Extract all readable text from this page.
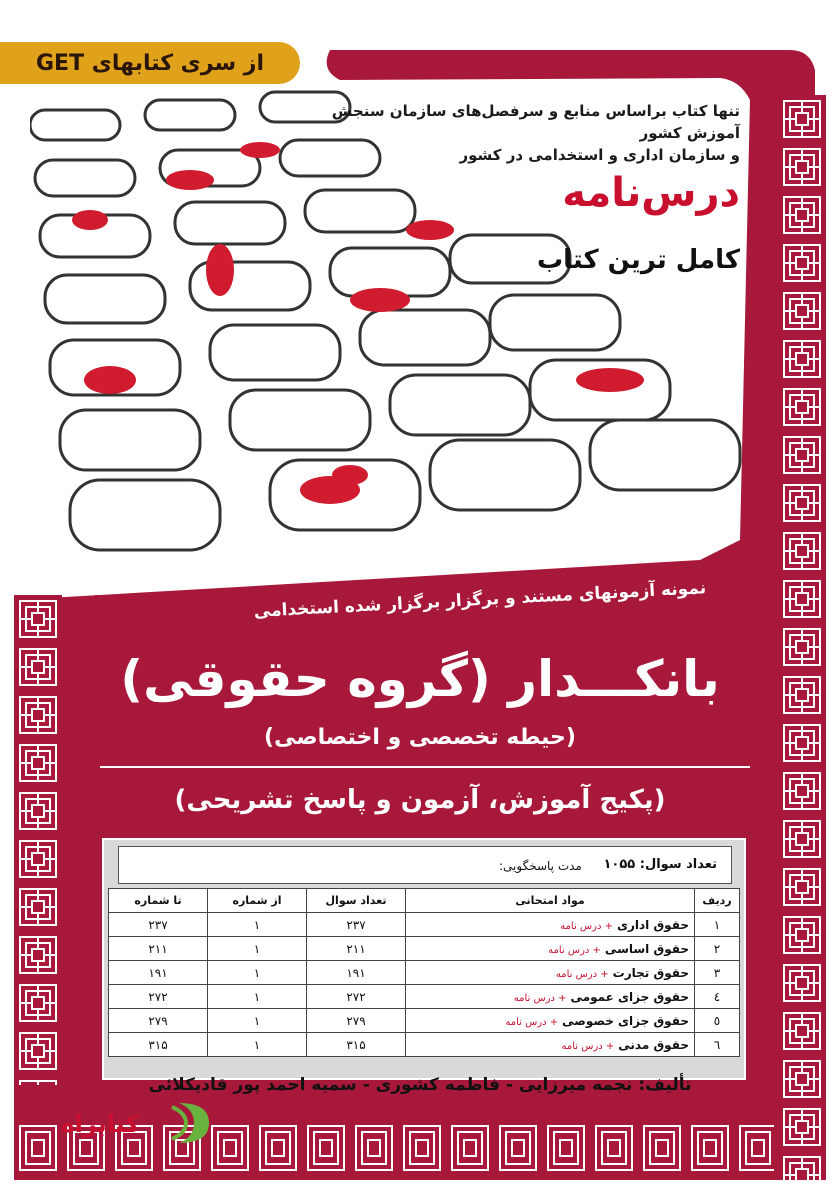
از سری کتابهای GET
تنها کتاب براساس منابع و سرفصل‌های سازمان سنجش آموزش کشور
و سازمان اداری و استخدامی در کشور
درس‌نامه
کامل ترین کتاب
نمونه آزمونهای مستند و برگزار برگزار شده استخدامی
بانکـــدار (گروه حقوقی)
(حیطه تخصصی و اختصاصی)
(پکیج آموزش، آزمون و پاسخ تشریحی)
تعداد سوال: ۱۰۵۵
مدت پاسخگویی:
ردیف	مواد امتحانی	تعداد سوال	از شماره	تا شماره
۱	حقوق اداری+ درس نامه	۲۳۷	۱	۲۳۷
۲	حقوق اساسی+ درس نامه	۲۱۱	۱	۲۱۱
۳	حقوق تجارت+ درس نامه	۱۹۱	۱	۱۹۱
٤	حقوق جزای عمومی+ درس نامه	۲۷۲	۱	۲۷۲
٥	حقوق جزای خصوصی+ درس نامه	۲۷۹	۱	۲۷۹
٦	حقوق مدنی+ درس نامه	۳۱۵	۱	۳۱۵
تألیف: نجمه میرزایی - فاطمه کشوری - سمیه احمد پور قادیکلائی
کتابراه
